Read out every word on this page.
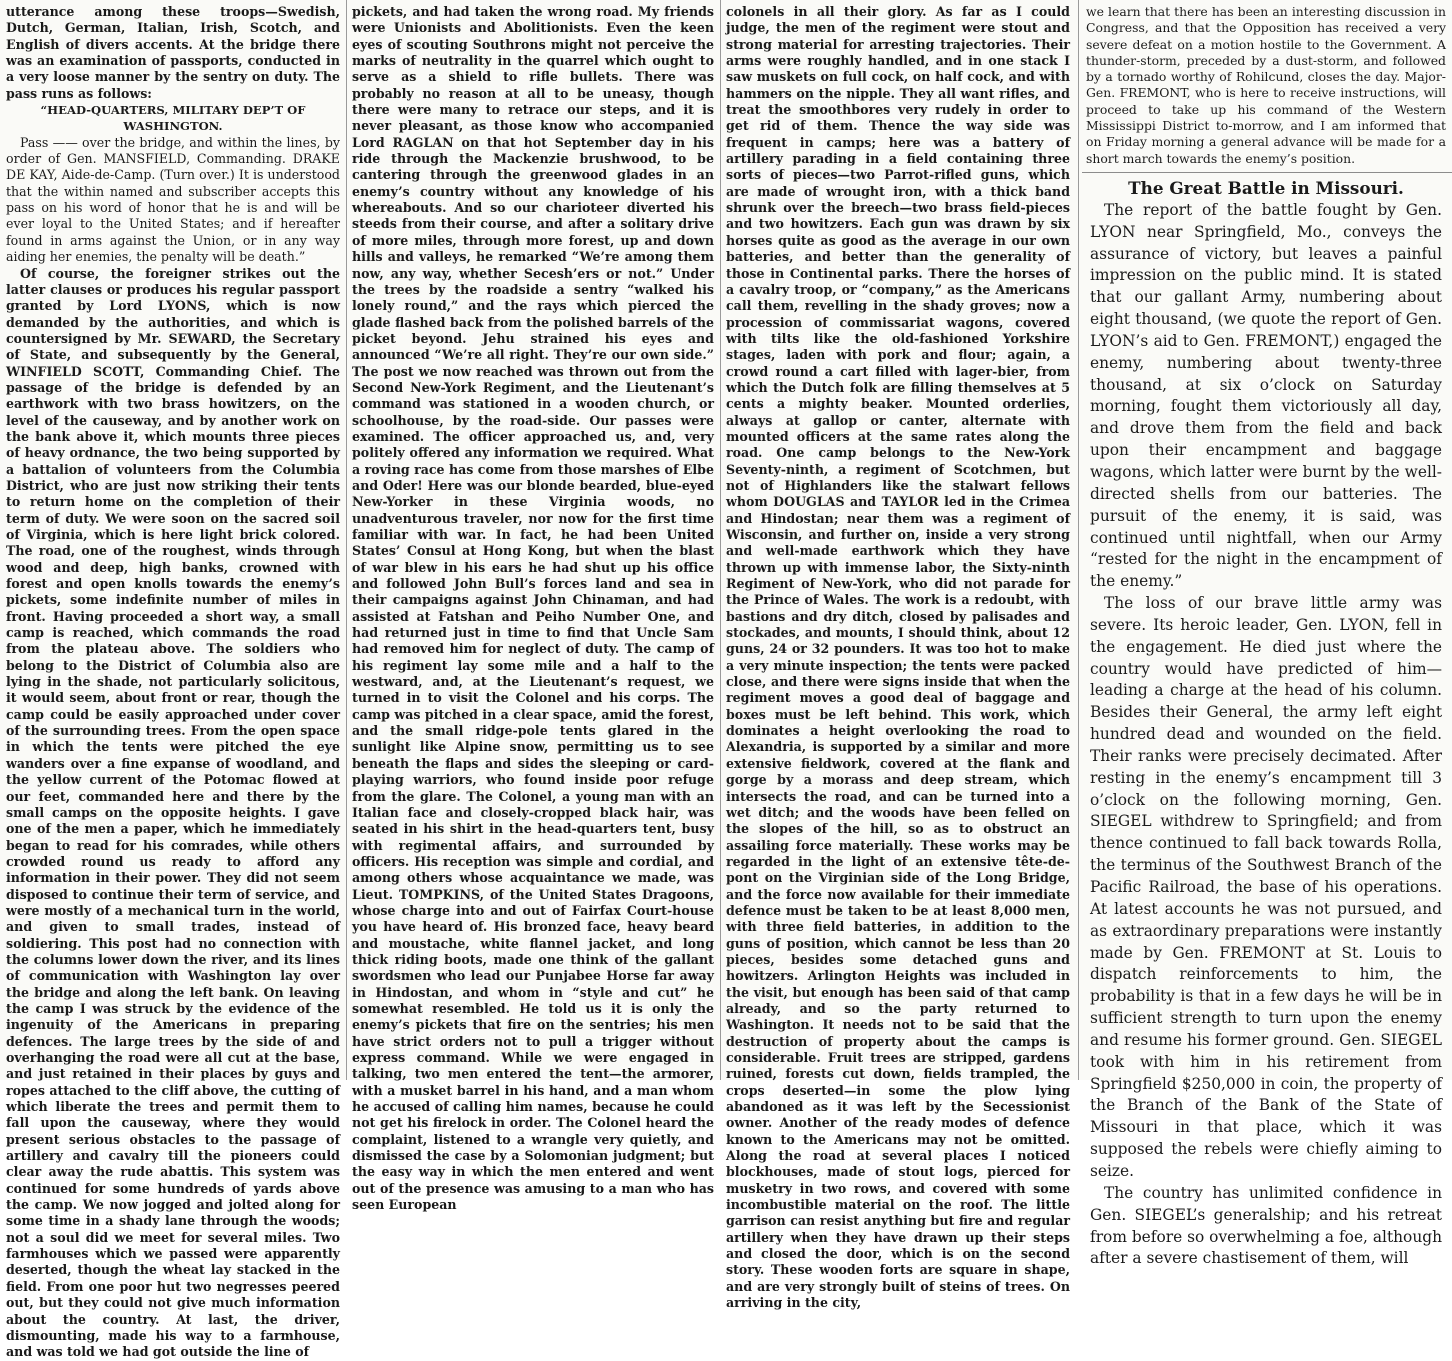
utterance among these troops—Swedish, Dutch, German, Italian, Irish, Scotch, and English of divers accents. At the bridge there was an examination of passports, conducted in a very loose manner by the sentry on duty. The pass runs as follows:

“HEAD-QUARTERS, MILITARY DEP’T OF WASHINGTON.

Pass —— over the bridge, and within the lines, by order of Gen. MANSFIELD, Commanding. DRAKE DE KAY, Aide-de-Camp. (Turn over.) It is understood that the within named and subscriber accepts this pass on his word of honor that he is and will be ever loyal to the United States; and if hereafter found in arms against the Union, or in any way aiding her enemies, the penalty will be death.”

Of course, the foreigner strikes out the latter clauses or produces his regular passport granted by Lord LYONS, which is now demanded by the authorities, and which is countersigned by Mr. SEWARD, the Secretary of State, and subsequently by the General, WINFIELD SCOTT, Commanding Chief. The passage of the bridge is defended by an earthwork with two brass howitzers, on the level of the causeway, and by another work on the bank above it, which mounts three pieces of heavy ordnance, the two being supported by a battalion of volunteers from the Columbia District, who are just now striking their tents to return home on the completion of their term of duty. We were soon on the sacred soil of Virginia, which is here light brick colored. The road, one of the roughest, winds through wood and deep, high banks, crowned with forest and open knolls towards the enemy’s pickets, some indefinite number of miles in front. Having proceeded a short way, a small camp is reached, which commands the road from the plateau above. The soldiers who belong to the District of Columbia also are lying in the shade, not particularly solicitous, it would seem, about front or rear, though the camp could be easily approached under cover of the surrounding trees. From the open space in which the tents were pitched the eye wanders over a fine expanse of woodland, and the yellow current of the Potomac flowed at our feet, commanded here and there by the small camps on the opposite heights. I gave one of the men a paper, which he immediately began to read for his comrades, while others crowded round us ready to afford any information in their power. They did not seem disposed to continue their term of service, and were mostly of a mechanical turn in the world, and given to small trades, instead of soldiering. This post had no connection with the columns lower down the river, and its lines of communication with Washington lay over the bridge and along the left bank. On leaving the camp I was struck by the evidence of the ingenuity of the Americans in preparing defences. The large trees by the side of and overhanging the road were all cut at the base, and just retained in their places by guys and ropes attached to the cliff above, the cutting of which liberate the trees and permit them to fall upon the causeway, where they would present serious obstacles to the passage of artillery and cavalry till the pioneers could clear away the rude abattis. This system was continued for some hundreds of yards above the camp. We now jogged and jolted along for some time in a shady lane through the woods; not a soul did we meet for several miles. Two farmhouses which we passed were apparently deserted, though the wheat lay stacked in the field. From one poor hut two negresses peered out, but they could not give much information about the country. At last, the driver, dismounting, made his way to a farmhouse, and was told we had got outside the line of

pickets, and had taken the wrong road. My friends were Unionists and Abolitionists. Even the keen eyes of scouting Southrons might not perceive the marks of neutrality in the quarrel which ought to serve as a shield to rifle bullets. There was probably no reason at all to be uneasy, though there were many to retrace our steps, and it is never pleasant, as those know who accompanied Lord RAGLAN on that hot September day in his ride through the Mackenzie brushwood, to be cantering through the greenwood glades in an enemy’s country without any knowledge of his whereabouts. And so our charioteer diverted his steeds from their course, and after a solitary drive of more miles, through more forest, up and down hills and valleys, he remarked “We’re among them now, any way, whether Secesh’ers or not.” Under the trees by the roadside a sentry “walked his lonely round,” and the rays which pierced the glade flashed back from the polished barrels of the picket beyond. Jehu strained his eyes and announced “We’re all right. They’re our own side.” The post we now reached was thrown out from the Second New-York Regiment, and the Lieutenant’s command was stationed in a wooden church, or schoolhouse, by the road-side. Our passes were examined. The officer approached us, and, very politely offered any information we required. What a roving race has come from those marshes of Elbe and Oder! Here was our blonde bearded, blue-eyed New-Yorker in these Virginia woods, no unadventurous traveler, nor now for the first time familiar with war. In fact, he had been United States’ Consul at Hong Kong, but when the blast of war blew in his ears he had shut up his office and followed John Bull’s forces land and sea in their campaigns against John Chinaman, and had assisted at Fatshan and Peiho Number One, and had returned just in time to find that Uncle Sam had removed him for neglect of duty. The camp of his regiment lay some mile and a half to the westward, and, at the Lieutenant’s request, we turned in to visit the Colonel and his corps. The camp was pitched in a clear space, amid the forest, and the small ridge-pole tents glared in the sunlight like Alpine snow, permitting us to see beneath the flaps and sides the sleeping or card-playing warriors, who found inside poor refuge from the glare. The Colonel, a young man with an Italian face and closely-cropped black hair, was seated in his shirt in the head-quarters tent, busy with regimental affairs, and surrounded by officers. His reception was simple and cordial, and among others whose acquaintance we made, was Lieut. TOMPKINS, of the United States Dragoons, whose charge into and out of Fairfax Court-house you have heard of. His bronzed face, heavy beard and moustache, white flannel jacket, and long thick riding boots, made one think of the gallant swordsmen who lead our Punjabee Horse far away in Hindostan, and whom in “style and cut” he somewhat resembled. He told us it is only the enemy’s pickets that fire on the sentries; his men have strict orders not to pull a trigger without express command. While we were engaged in talking, two men entered the tent—the armorer, with a musket barrel in his hand, and a man whom he accused of calling him names, because he could not get his firelock in order. The Colonel heard the complaint, listened to a wrangle very quietly, and dismissed the case by a Solomonian judgment; but the easy way in which the men entered and went out of the presence was amusing to a man who has seen European

colonels in all their glory. As far as I could judge, the men of the regiment were stout and strong material for arresting trajectories. Their arms were roughly handled, and in one stack I saw muskets on full cock, on half cock, and with hammers on the nipple. They all want rifles, and treat the smoothbores very rudely in order to get rid of them. Thence the way side was frequent in camps; here was a battery of artillery parading in a field containing three sorts of pieces—two Parrot-rifled guns, which are made of wrought iron, with a thick band shrunk over the breech—two brass field-pieces and two howitzers. Each gun was drawn by six horses quite as good as the average in our own batteries, and better than the generality of those in Continental parks. There the horses of a cavalry troop, or “company,” as the Americans call them, revelling in the shady groves; now a procession of commissariat wagons, covered with tilts like the old-fashioned Yorkshire stages, laden with pork and flour; again, a crowd round a cart filled with lager-bier, from which the Dutch folk are filling themselves at 5 cents a mighty beaker. Mounted orderlies, always at gallop or canter, alternate with mounted officers at the same rates along the road. One camp belongs to the New-York Seventy-ninth, a regiment of Scotchmen, but not of Highlanders like the stalwart fellows whom DOUGLAS and TAYLOR led in the Crimea and Hindostan; near them was a regiment of Wisconsin, and further on, inside a very strong and well-made earthwork which they have thrown up with immense labor, the Sixty-ninth Regiment of New-York, who did not parade for the Prince of Wales. The work is a redoubt, with bastions and dry ditch, closed by palisades and stockades, and mounts, I should think, about 12 guns, 24 or 32 pounders. It was too hot to make a very minute inspection; the tents were packed close, and there were signs inside that when the regiment moves a good deal of baggage and boxes must be left behind. This work, which dominates a height overlooking the road to Alexandria, is supported by a similar and more extensive fieldwork, covered at the flank and gorge by a morass and deep stream, which intersects the road, and can be turned into a wet ditch; and the woods have been felled on the slopes of the hill, so as to obstruct an assailing force materially. These works may be regarded in the light of an extensive tête-de-pont on the Virginian side of the Long Bridge, and the force now available for their immediate defence must be taken to be at least 8,000 men, with three field batteries, in addition to the guns of position, which cannot be less than 20 pieces, besides some detached guns and howitzers. Arlington Heights was included in the visit, but enough has been said of that camp already, and so the party returned to Washington. It needs not to be said that the destruction of property about the camps is considerable. Fruit trees are stripped, gardens ruined, forests cut down, fields trampled, the crops deserted—in some the plow lying abandoned as it was left by the Secessionist owner. Another of the ready modes of defence known to the Americans may not be omitted. Along the road at several places I noticed blockhouses, made of stout logs, pierced for musketry in two rows, and covered with some incombustible material on the roof. The little garrison can resist anything but fire and regular artillery when they have drawn up their steps and closed the door, which is on the second story. These wooden forts are square in shape, and are very strongly built of steins of trees. On arriving in the city,

we learn that there has been an interesting discussion in Congress, and that the Opposition has received a very severe defeat on a motion hostile to the Government. A thunder-storm, preceded by a dust-storm, and followed by a tornado worthy of Rohilcund, closes the day. Major-Gen. FREMONT, who is here to receive instructions, will proceed to take up his command of the Western Mississippi District to-morrow, and I am informed that on Friday morning a general advance will be made for a short march towards the enemy’s position.

The Great Battle in Missouri.

The report of the battle fought by Gen. LYON near Springfield, Mo., conveys the assurance of victory, but leaves a painful impression on the public mind. It is stated that our gallant Army, numbering about eight thousand, (we quote the report of Gen. LYON’s aid to Gen. FREMONT,) engaged the enemy, numbering about twenty-three thousand, at six o’clock on Saturday morning, fought them victoriously all day, and drove them from the field and back upon their encampment and baggage wagons, which latter were burnt by the well-directed shells from our batteries. The pursuit of the enemy, it is said, was continued until nightfall, when our Army “rested for the night in the encampment of the enemy.”

The loss of our brave little army was severe. Its heroic leader, Gen. LYON, fell in the engagement. He died just where the country would have predicted of him—leading a charge at the head of his column. Besides their General, the army left eight hundred dead and wounded on the field. Their ranks were precisely decimated. After resting in the enemy’s encampment till 3 o’clock on the following morning, Gen. SIEGEL withdrew to Springfield; and from thence continued to fall back towards Rolla, the terminus of the Southwest Branch of the Pacific Railroad, the base of his operations. At latest accounts he was not pursued, and as extraordinary preparations were instantly made by Gen. FREMONT at St. Louis to dispatch reinforcements to him, the probability is that in a few days he will be in sufficient strength to turn upon the enemy and resume his former ground. Gen. SIEGEL took with him in his retirement from Springfield $250,000 in coin, the property of the Branch of the Bank of the State of Missouri in that place, which it was supposed the rebels were chiefly aiming to seize.

The country has unlimited confidence in Gen. SIEGEL’s generalship; and his retreat from before so overwhelming a foe, although after a severe chastisement of them, will
